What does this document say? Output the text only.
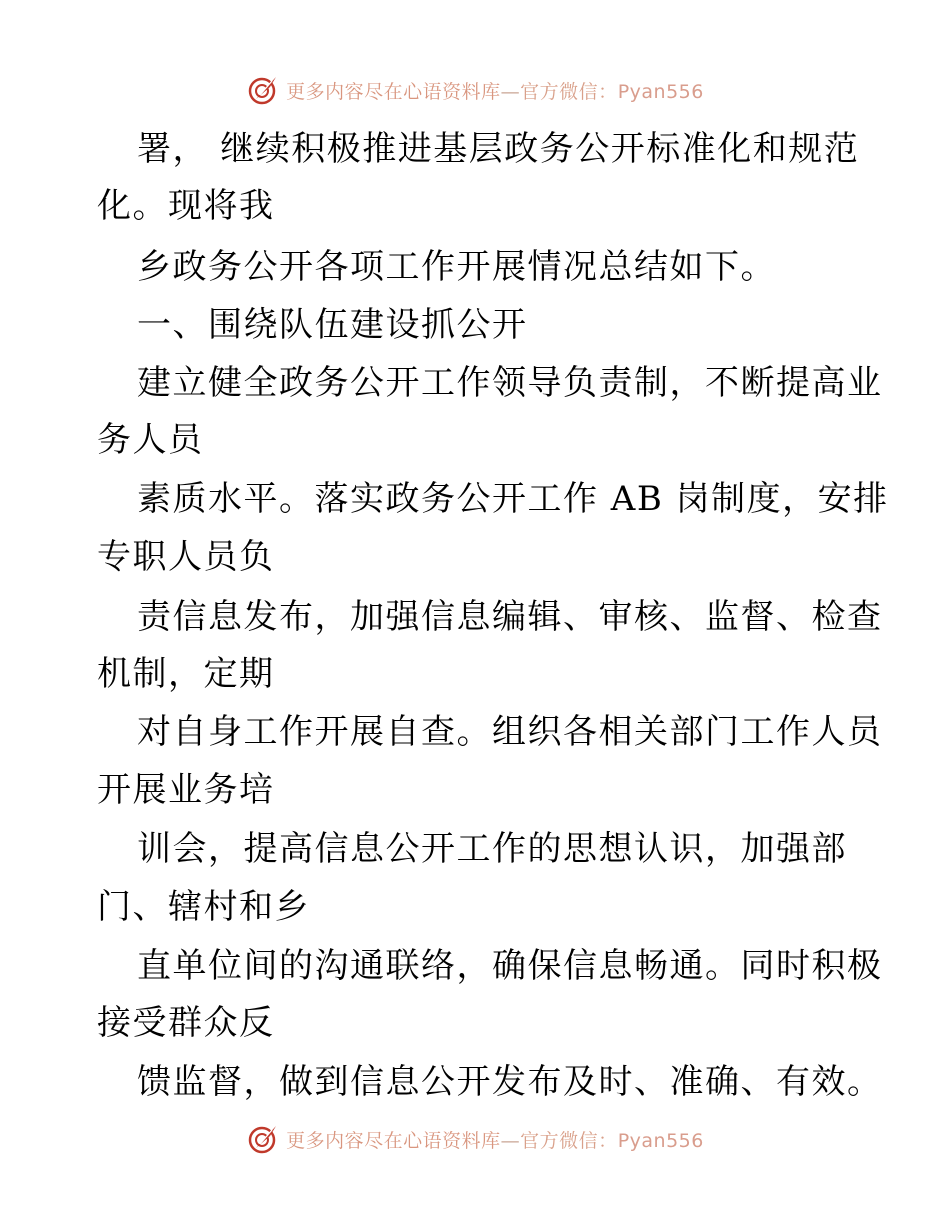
更多内容尽在心语资料库—官方微信：Pyan556
署， 继续积极推进基层政务公开标准化和规范
化。现将我
乡政务公开各项工作开展情况总结如下。
一、围绕队伍建设抓公开
建立健全政务公开工作领导负责制，不断提高业
务人员
素质水平。落实政务公开工作 AB 岗制度，安排
专职人员负
责信息发布，加强信息编辑、审核、监督、检查
机制，定期
对自身工作开展自查。组织各相关部门工作人员
开展业务培
训会，提高信息公开工作的思想认识，加强部
门、辖村和乡
直单位间的沟通联络，确保信息畅通。同时积极
接受群众反
馈监督，做到信息公开发布及时、准确、有效。
更多内容尽在心语资料库—官方微信：Pyan556
